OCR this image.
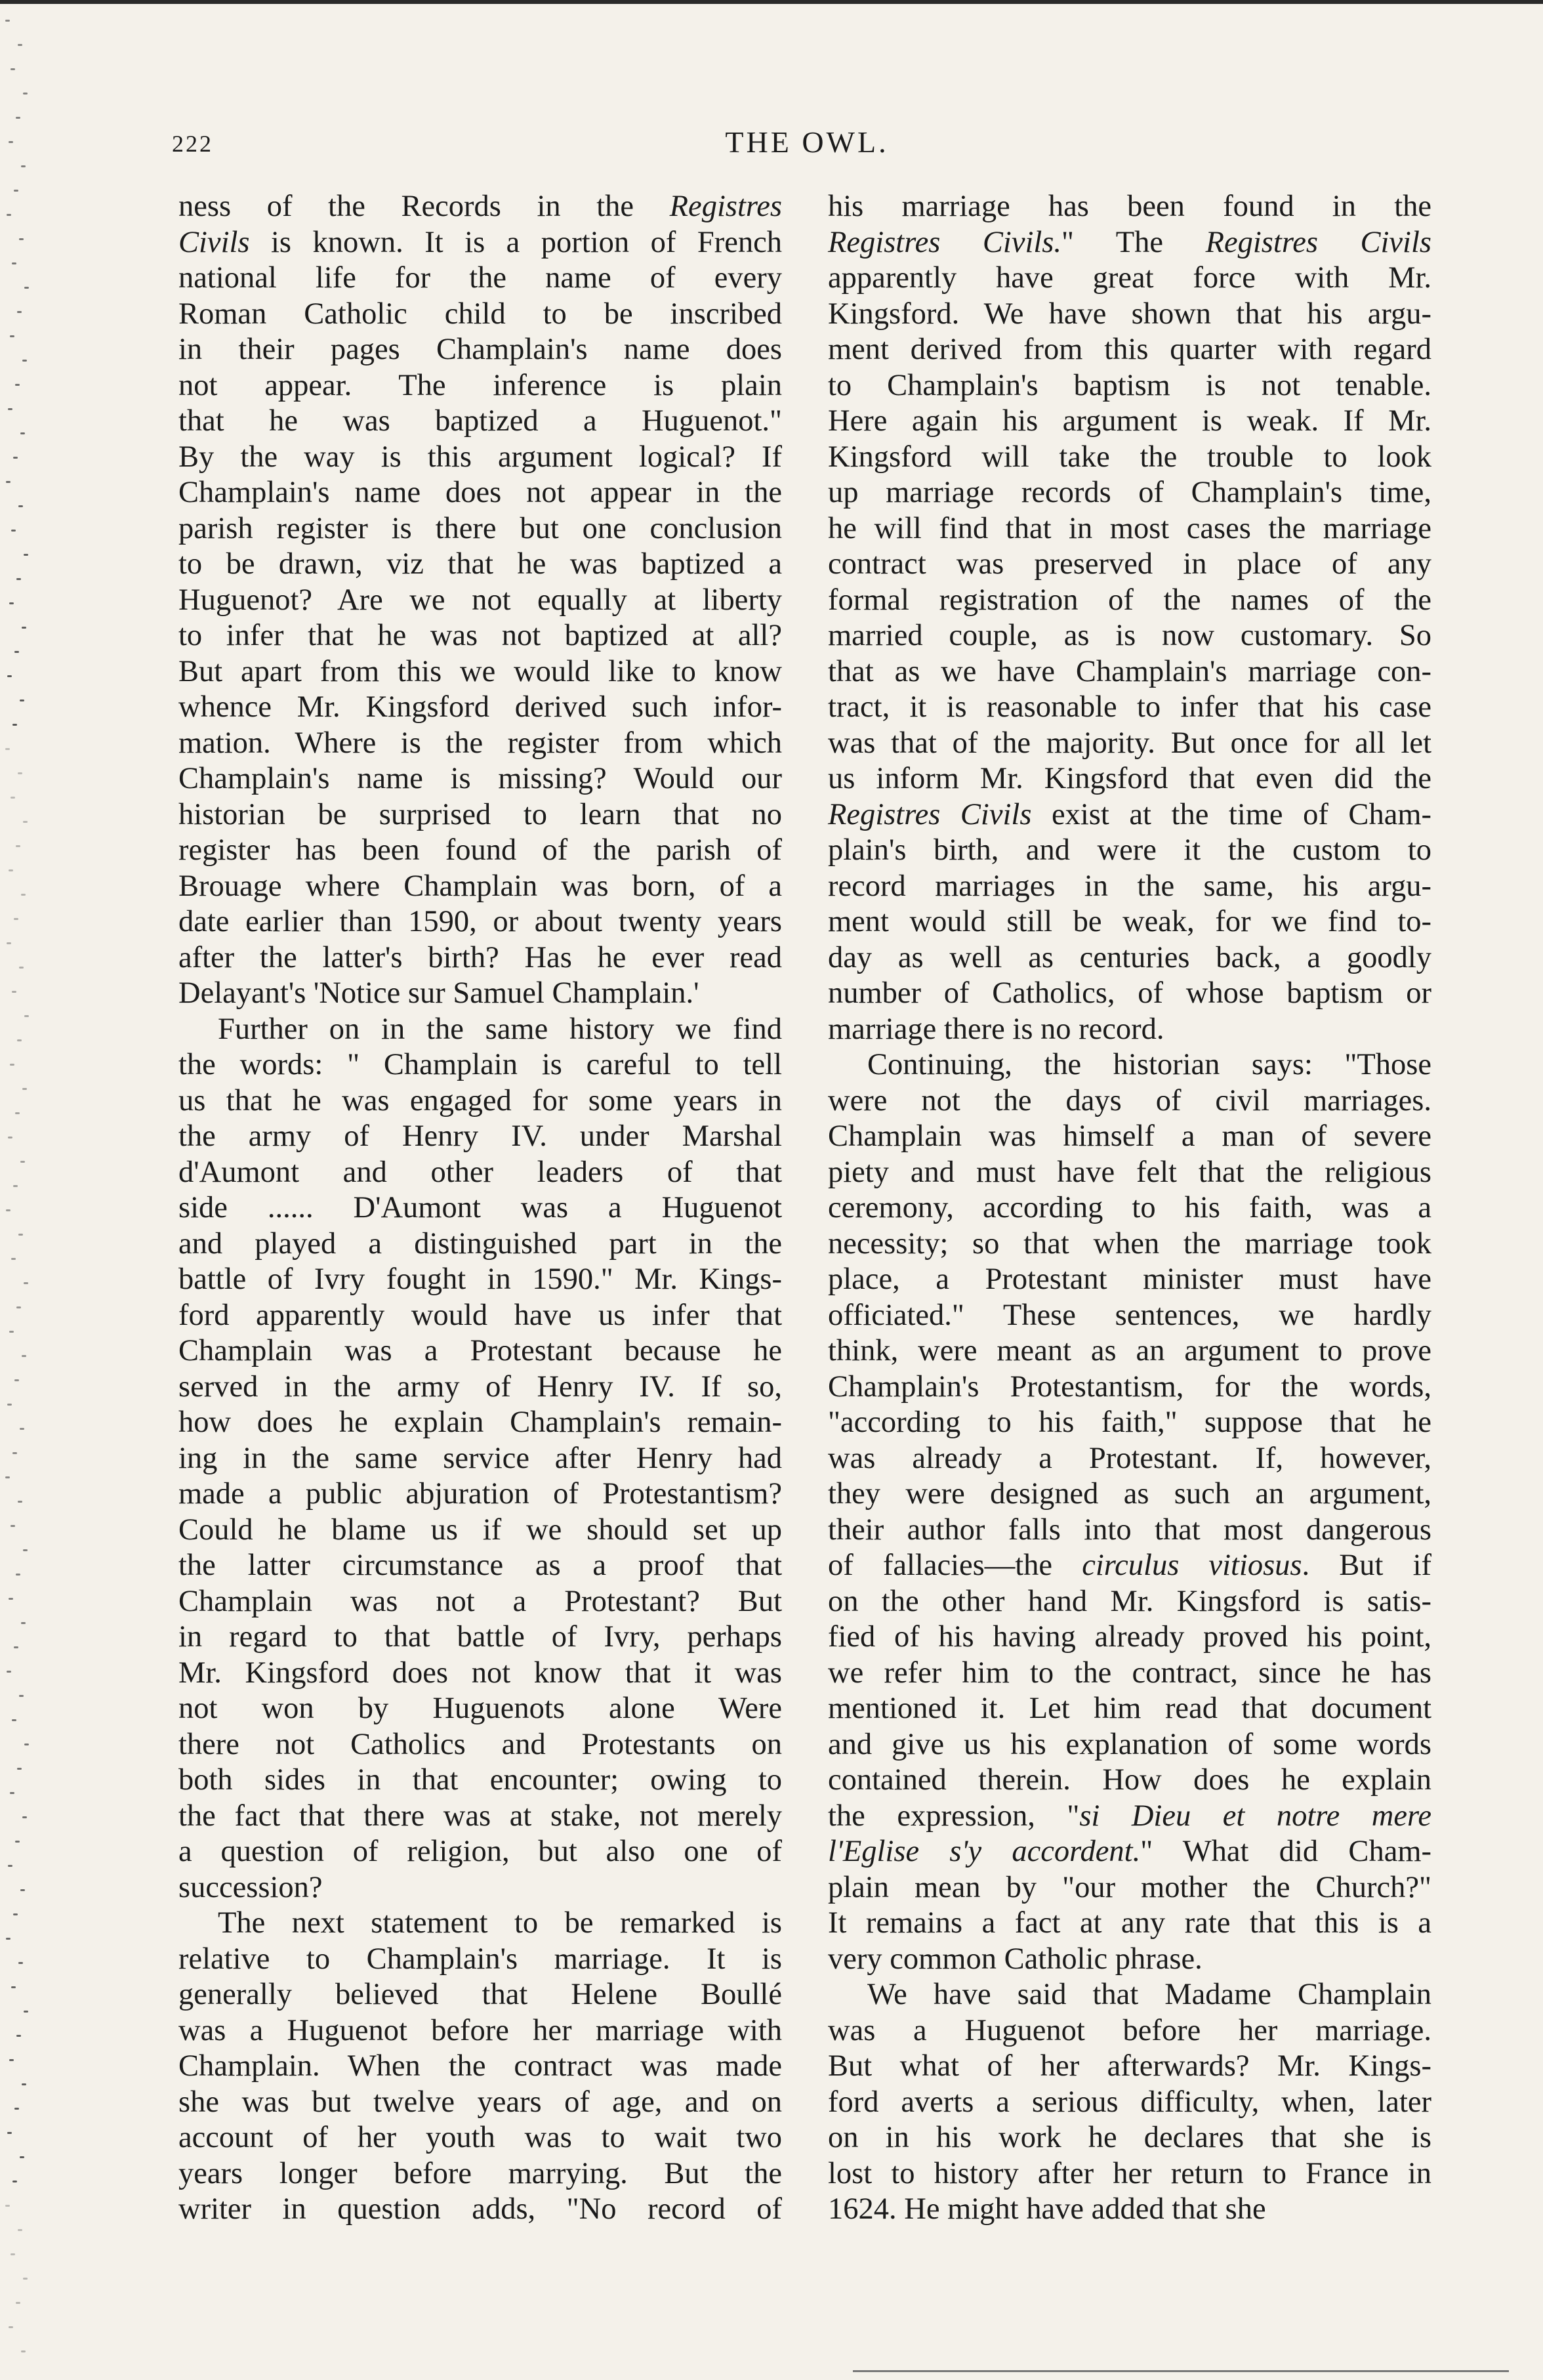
222	THE OWL.
ness of the Records in the Registres
Civils is known. It is a portion of French
national life for the name of every
Roman Catholic child to be inscribed
in their pages Champlain's name does
not appear. The inference is plain
that he was baptized a Huguenot."
By the way is this argument logical? If
Champlain's name does not appear in the
parish register is there but one conclusion
to be drawn, viz that he was baptized a
Huguenot? Are we not equally at liberty
to infer that he was not baptized at all?
But apart from this we would like to know
whence Mr. Kingsford derived such infor-
mation. Where is the register from which
Champlain's name is missing? Would our
historian be surprised to learn that no
register has been found of the parish of
Brouage where Champlain was born, of a
date earlier than 1590, or about twenty years
after the latter's birth? Has he ever read
Delayant's 'Notice sur Samuel Champlain.'
Further on in the same history we find
the words: " Champlain is careful to tell
us that he was engaged for some years in
the army of Henry IV. under Marshal
d'Aumont and other leaders of that
side ...... D'Aumont was a Huguenot
and played a distinguished part in the
battle of Ivry fought in 1590." Mr. Kings-
ford apparently would have us infer that
Champlain was a Protestant because he
served in the army of Henry IV. If so,
how does he explain Champlain's remain-
ing in the same service after Henry had
made a public abjuration of Protestantism?
Could he blame us if we should set up
the latter circumstance as a proof that
Champlain was not a Protestant? But
in regard to that battle of Ivry, perhaps
Mr. Kingsford does not know that it was
not won by Huguenots alone Were
there not Catholics and Protestants on
both sides in that encounter; owing to
the fact that there was at stake, not merely
a question of religion, but also one of
succession?
The next statement to be remarked is
relative to Champlain's marriage. It is
generally believed that Helene Boullé
was a Huguenot before her marriage with
Champlain. When the contract was made
she was but twelve years of age, and on
account of her youth was to wait two
years longer before marrying. But the
writer in question adds, "No record of
his marriage has been found in the
Registres Civils." The Registres Civils
apparently have great force with Mr.
Kingsford. We have shown that his argu-
ment derived from this quarter with regard
to Champlain's baptism is not tenable.
Here again his argument is weak. If Mr.
Kingsford will take the trouble to look
up marriage records of Champlain's time,
he will find that in most cases the marriage
contract was preserved in place of any
formal registration of the names of the
married couple, as is now customary. So
that as we have Champlain's marriage con-
tract, it is reasonable to infer that his case
was that of the majority. But once for all let
us inform Mr. Kingsford that even did the
Registres Civils exist at the time of Cham-
plain's birth, and were it the custom to
record marriages in the same, his argu-
ment would still be weak, for we find to-
day as well as centuries back, a goodly
number of Catholics, of whose baptism or
marriage there is no record.
Continuing, the historian says: "Those
were not the days of civil marriages.
Champlain was himself a man of severe
piety and must have felt that the religious
ceremony, according to his faith, was a
necessity; so that when the marriage took
place, a Protestant minister must have
officiated." These sentences, we hardly
think, were meant as an argument to prove
Champlain's Protestantism, for the words,
"according to his faith," suppose that he
was already a Protestant. If, however,
they were designed as such an argument,
their author falls into that most dangerous
of fallacies—the circulus vitiosus. But if
on the other hand Mr. Kingsford is satis-
fied of his having already proved his point,
we refer him to the contract, since he has
mentioned it. Let him read that document
and give us his explanation of some words
contained therein. How does he explain
the expression, "si Dieu et notre mere
l'Eglise s'y accordent." What did Cham-
plain mean by "our mother the Church?"
It remains a fact at any rate that this is a
very common Catholic phrase.
We have said that Madame Champlain
was a Huguenot before her marriage.
But what of her afterwards? Mr. Kings-
ford averts a serious difficulty, when, later
on in his work he declares that she is
lost to history after her return to France in
1624. He might have added that she
